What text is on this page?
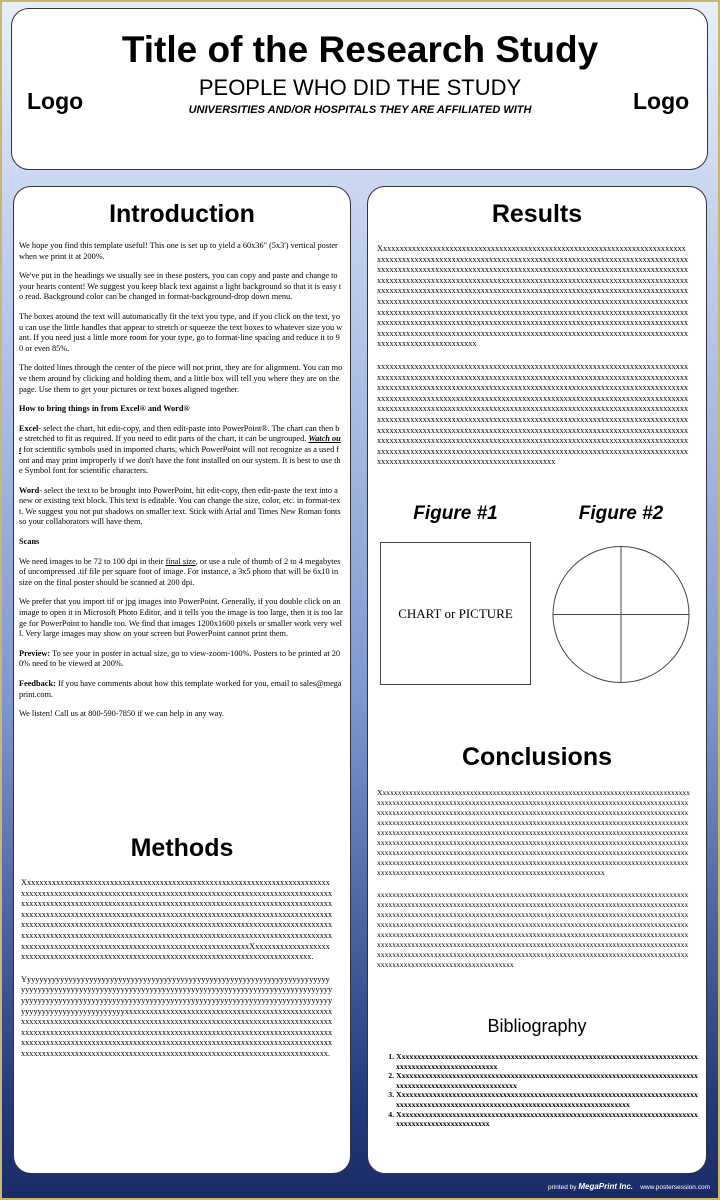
Logo	Logo
Title of the Research Study
PEOPLE WHO DID THE STUDY
UNIVERSITIES AND/OR HOSPITALS THEY ARE AFFILIATED WITH
Introduction

We hope you find this template useful! This one is set up to yield a 60x36" (5x3') vertical poster when we print it at 200%.

We've put in the headings we usually see in these posters, you can copy and paste and change to your hearts content! We suggest you keep black text against a light background so that it is easy to read. Background color can be changed in format-background-drop down menu.

The boxes around the text will automatically fit the text you type, and if you click on the text, you can use the little handles that appear to stretch or squeeze the text boxes to whatever size you want. If you need just a little more room for your type, go to format-line spacing and reduce it to 90 or even 85%.

The dotted lines through the center of the piece will not print, they are for alignment. You can move them around by clicking and holding them, and a little box will tell you where they are on the page. Use them to get your pictures or text boxes aligned together.

How to bring things in from Excel® and Word®

Excel- select the chart, hit edit-copy, and then edit-paste into PowerPoint®. The chart can then be stretched to fit as required. If you need to edit parts of the chart, it can be ungrouped. Watch out for scientific symbols used in imported charts, which PowerPoint will not recognize as a used font and may print improperly if we don't have the font installed on our system. It is best to use the Symbol font for scientific characters.

Word- select the text to be brought into PowerPoint, hit edit-copy, then edit-paste the text into a new or existing text block. This text is editable. You can change the size, color, etc. in format-text. We suggest you not put shadows on smaller text. Stick with Arial and Times New Roman fonts so your collaborators will have them.

Scans

We need images to be 72 to 100 dpi in their final size, or use a rule of thumb of 2 to 4 megabytes of uncompressed .tif file per square foot of image. For instance, a 3x5 photo that will be 6x10 in size on the final poster should be scanned at 200 dpi.

We prefer that you import tif or jpg images into PowerPoint. Generally, if you double click on an image to open it in Microsoft Photo Editor, and it tells you the image is too large, then it is too large for PowerPoint to handle too. We find that images 1200x1600 pixels or smaller work very well. Very large images may show on your screen but PowerPoint cannot print them.

Preview: To see your in poster in actual size, go to view-zoom-100%. Posters to be printed at 200% need to be viewed at 200%.

Feedback: If you have comments about how this template worked for you, email to sales@megaprint.com.

We listen! Call us at 800-590-7850 if we can help in any way.

Methods

XxxxxxxxxxxxxxxxxxxxxxxxxxxxxxxxxxxxxxxxxxxxxxxxxxxxxxxxxxxxxxxxxxxxxxxxxxxxxxxxxxxxxxxxxxxxxxxxxxxxxxxxxxxxxxxxxxxxxxxxxxxxxxxxxxxxxxxxxxxxxxxxxxxxxxxxxxxxxxxxxxxxxxxxxxxxxxxxxxxxxxxxxxxxxxxxxxxxxxxxxxxxxxxxxxxxxxxxxxxxxxxxxxxxxxxxxxxxxxxxxxxxxxxxxxxxxxxxxxxxxxxxxxxxxxxxxxxxxxxxxxxxxxxxxxxxxxxxxxxxxxxxxxxxxxxxxxxxxxxxxxxxxxxxxxxxxxxxxxxxxxxxxxxxxxxxxxxxxxxxxxxxxxxxxxxxxxxxxxxxxxxxxxxxxxxxxxxxxxxxxxxxxxxxxxxxxxxxxxxxxxxxxxxxxxxxxxxxxxxxxxxxxxxxxxxxxxxxxxxxxxxxxxxxxxxxxxxxxxxxxxxxxxxxxxxxxxxxxxxxxxxxXxxxxxxxxxxxxxxxxxxxxxxxxxxxxxxxxxxxxxxxxxxxxxxxxxxxxxxxxxxxxxxxxxxxxxxxxxxxxxxxxxxxxxxxx.

Yyyyyyyyyyyyyyyyyyyyyyyyyyyyyyyyyyyyyyyyyyyyyyyyyyyyyyyyyyyyyyyyyyyyyyyyyyyyyyyyyyyyyyyyyyyyyyyyyyyyyyyyyyyyyyyyyyyyyyyyyyyyyyyyyyyyyyyyyyyyyyyyyyyyyyyyyyyyyyyyyyyyyyyyyyyyyyyyyyyyyyyyyyyyyyyyyyyyyyyyyyyyyyyyyyyyyyyyyyyyyyyyyyyyyyyyyyyyyyyyyyyyyyyyyxxxxxxxxxxxxxxxxxxxxxxxxxxxxxxxxxxxxxxxxxxxxxxxxxxxxxxxxxxxxxxxxxxxxxxxxxxxxxxxxxxxxxxxxxxxxxxxxxxxxxxxxxxxxxxxxxxxxxxxxxxxxxxxxxxxxxxxxxxxxxxxxxxxxxxxxxxxxxxxxxxxxxxxxxxxxxxxxxxxxxxxxxxxxxxxxxxxxxxxxxxxxxxxxxxxxxxxxxxxxxxxxxxxxxxxxxxxxxxxxxxxxxxxxxxxxxxxxxxxxxxxxxxxxxxxxxxxxxxxxxxxxxxxxxxxxxxxxxxxxxxxxxxxxxxxxxxxxxxxxxxxxxxxxxxxxxxxxxxxxxxxxxxxxx.

Results

Xxxxxxxxxxxxxxxxxxxxxxxxxxxxxxxxxxxxxxxxxxxxxxxxxxxxxxxxxxxxxxxxxxxxxxxxxxxxxxxxxxxxxxxxxxxxxxxxxxxxxxxxxxxxxxxxxxxxxxxxxxxxxxxxxxxxxxxxxxxxxxxxxxxxxxxxxxxxxxxxxxxxxxxxxxxxxxxxxxxxxxxxxxxxxxxxxxxxxxxxxxxxxxxxxxxxxxxxxxxxxxxxxxxxxxxxxxxxxxxxxxxxxxxxxxxxxxxxxxxxxxxxxxxxxxxxxxxxxxxxxxxxxxxxxxxxxxxxxxxxxxxxxxxxxxxxxxxxxxxxxxxxxxxxxxxxxxxxxxxxxxxxxxxxxxxxxxxxxxxxxxxxxxxxxxxxxxxxxxxxxxxxxxxxxxxxxxxxxxxxxxxxxxxxxxxxxxxxxxxxxxxxxxxxxxxxxxxxxxxxxxxxxxxxxxxxxxxxxxxxxxxxxxxxxxxxxxxxxxxxxxxxxxxxxxxxxxxxxxxxxxxxxxxxxxxxxxxxxxxxxxxxxxxxxxxxxxxxxxxxxxxxxxxxxxxxxxxxxxxxxxxxxxxxxxxxxxxxxxxxxxxxxxxxxxxxxxxxxxxxxxxxxxxxxxxxxxxxxxxxxxxxxxxxxxxxxxxxxxxxxxxxxxxxxxxxxxxxxxxxxxxxxxxxxxxxxxxxxxxxxxxxxxxxxxxxxxxxxx

xxxxxxxxxxxxxxxxxxxxxxxxxxxxxxxxxxxxxxxxxxxxxxxxxxxxxxxxxxxxxxxxxxxxxxxxxxxxxxxxxxxxxxxxxxxxxxxxxxxxxxxxxxxxxxxxxxxxxxxxxxxxxxxxxxxxxxxxxxxxxxxxxxxxxxxxxxxxxxxxxxxxxxxxxxxxxxxxxxxxxxxxxxxxxxxxxxxxxxxxxxxxxxxxxxxxxxxxxxxxxxxxxxxxxxxxxxxxxxxxxxxxxxxxxxxxxxxxxxxxxxxxxxxxxxxxxxxxxxxxxxxxxxxxxxxxxxxxxxxxxxxxxxxxxxxxxxxxxxxxxxxxxxxxxxxxxxxxxxxxxxxxxxxxxxxxxxxxxxxxxxxxxxxxxxxxxxxxxxxxxxxxxxxxxxxxxxxxxxxxxxxxxxxxxxxxxxxxxxxxxxxxxxxxxxxxxxxxxxxxxxxxxxxxxxxxxxxxxxxxxxxxxxxxxxxxxxxxxxxxxxxxxxxxxxxxxxxxxxxxxxxxxxxxxxxxxxxxxxxxxxxxxxxxxxxxxxxxxxxxxxxxxxxxxxxxxxxxxxxxxxxxxxxxxxxxxxxxxxxxxxxxxxxxxxxxxxxxxxxxxxxxxxxxxxxxxxxxxxxxxxxxxxxxxxxxxxxxxxxxxxxxxxxxxxxxxxxxxxxxxxxxxxxxxxxxxxxxxxxxxxxxxxxxxxxxxxxxxxxxxxxxxxxxxxxxxxxxxx

Figure #1	Figure #2
CHART or PICTURE
Conclusions

Xxxxxxxxxxxxxxxxxxxxxxxxxxxxxxxxxxxxxxxxxxxxxxxxxxxxxxxxxxxxxxxxxxxxxxxxxxxxxxxxxxxxxxxxxxxxxxxxxxxxxxxxxxxxxxxxxxxxxxxxxxxxxxxxxxxxxxxxxxxxxxxxxxxxxxxxxxxxxxxxxxxxxxxxxxxxxxxxxxxxxxxxxxxxxxxxxxxxxxxxxxxxxxxxxxxxxxxxxxxxxxxxxxxxxxxxxxxxxxxxxxxxxxxxxxxxxxxxxxxxxxxxxxxxxxxxxxxxxxxxxxxxxxxxxxxxxxxxxxxxxxxxxxxxxxxxxxxxxxxxxxxxxxxxxxxxxxxxxxxxxxxxxxxxxxxxxxxxxxxxxxxxxxxxxxxxxxxxxxxxxxxxxxxxxxxxxxxxxxxxxxxxxxxxxxxxxxxxxxxxxxxxxxxxxxxxxxxxxxxxxxxxxxxxxxxxxxxxxxxxxxxxxxxxxxxxxxxxxxxxxxxxxxxxxxxxxxxxxxxxxxxxxxxxxxxxxxxxxxxxxxxxxxxxxxxxxxxxxxxxxxxxxxxxxxxxxxxxxxxxxxxxxxxxxxxxxxxxxxxxxxxxxxxxxxxxxxxxxxxxxxxxxxxxxxxxxxxxxxxxxxxxxxxxxxxxxxxxxxxxxxxxxxxxxxxxxxxxxxxxxxxxxxxxxxxxxxxxxxxxxxxxxxxxxxxxxxxxxxxxxxxxxxxxxxxxxxxx

xxxxxxxxxxxxxxxxxxxxxxxxxxxxxxxxxxxxxxxxxxxxxxxxxxxxxxxxxxxxxxxxxxxxxxxxxxxxxxxxxxxxxxxxxxxxxxxxxxxxxxxxxxxxxxxxxxxxxxxxxxxxxxxxxxxxxxxxxxxxxxxxxxxxxxxxxxxxxxxxxxxxxxxxxxxxxxxxxxxxxxxxxxxxxxxxxxxxxxxxxxxxxxxxxxxxxxxxxxxxxxxxxxxxxxxxxxxxxxxxxxxxxxxxxxxxxxxxxxxxxxxxxxxxxxxxxxxxxxxxxxxxxxxxxxxxxxxxxxxxxxxxxxxxxxxxxxxxxxxxxxxxxxxxxxxxxxxxxxxxxxxxxxxxxxxxxxxxxxxxxxxxxxxxxxxxxxxxxxxxxxxxxxxxxxxxxxxxxxxxxxxxxxxxxxxxxxxxxxxxxxxxxxxxxxxxxxxxxxxxxxxxxxxxxxxxxxxxxxxxxxxxxxxxxxxxxxxxxxxxxxxxxxxxxxxxxxxxxxxxxxxxxxxxxxxxxxxxxxxxxxxxxxxxxxxxxxxxxxxxxxxxxxxxxxxxxxxxxxxxxxxxxxxxxxxxxxxxxxxxxxxxxxxxxxxxxxxxxxxxxxxxxxxxxx

Bibliography
1. Xxxxxxxxxxxxxxxxxxxxxxxxxxxxxxxxxxxxxxxxxxxxxxxxxxxxxxxxxxxxxxxxxxxxxxxxxxxxxxxxxxxxxxxxxxxxxxxxxxxxxxx
2. Xxxxxxxxxxxxxxxxxxxxxxxxxxxxxxxxxxxxxxxxxxxxxxxxxxxxxxxxxxxxxxxxxxxxxxxxxxxxxxxxxxxxxxxxxxxxxxxxxxxxxxxxxxxx
3. Xxxxxxxxxxxxxxxxxxxxxxxxxxxxxxxxxxxxxxxxxxxxxxxxxxxxxxxxxxxxxxxxxxxxxxxxxxxxxxxxxxxxxxxxxxxxxxxxxxxxxxxxxxxxxxxxxxxxxxxxxxxxxxxxxxxxxxxxx
4. Xxxxxxxxxxxxxxxxxxxxxxxxxxxxxxxxxxxxxxxxxxxxxxxxxxxxxxxxxxxxxxxxxxxxxxxxxxxxxxxxxxxxxxxxxxxxxxxxxxxxx
printed by MegaPrint Inc. www.postersession.com
